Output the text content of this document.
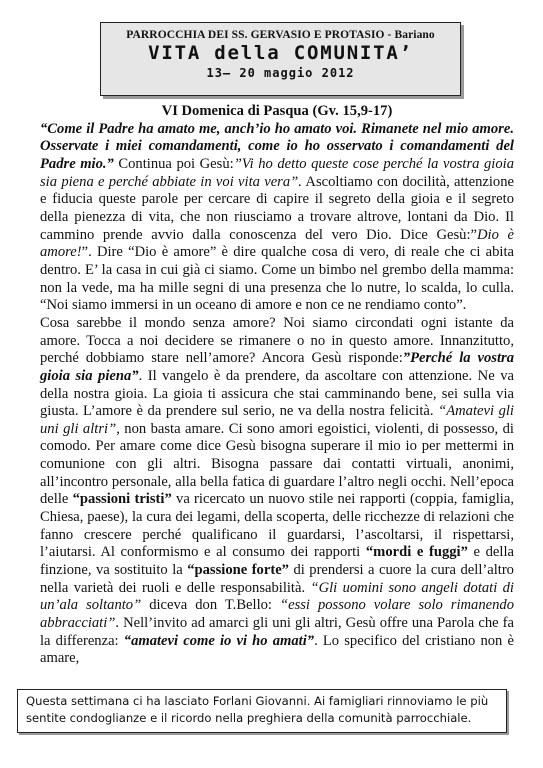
PARROCCHIA DEI SS. GERVASIO E PROTASIO - Bariano
VITA della COMUNITA’
13– 20 maggio 2012
VI Domenica di Pasqua (Gv. 15,9-17)

“Come il Padre ha amato me, anch’io ho amato voi. Rimanete nel mio amore. Osservate i miei comandamenti, come io ho osservato i comandamenti del Padre mio.” Continua poi Gesù:”Vi ho detto queste cose perché la vostra gioia sia piena e perché abbiate in voi vita vera”. Ascoltiamo con docilità, attenzione e fiducia queste parole per cercare di capire il segreto della gioia e il segreto della pienezza di vita, che non riusciamo a trovare altrove, lontani da Dio. Il cammino prende avvio dalla conoscenza del vero Dio. Dice Gesù:”Dio è amore!”. Dire “Dio è amore” è dire qualche cosa di vero, di reale che ci abita dentro. E’ la casa in cui già ci siamo. Come un bimbo nel grembo della mamma: non la vede, ma ha mille segni di una presenza che lo nutre, lo scalda, lo culla. “Noi siamo immersi in un oceano di amore e non ce ne rendiamo conto”.

Cosa sarebbe il mondo senza amore? Noi siamo circondati ogni istante da amore. Tocca a noi decidere se rimanere o no in questo amore. Innanzitutto, perché dobbiamo stare nell’amore? Ancora Gesù risponde:”Perché la vostra gioia sia piena”. Il vangelo è da prendere, da ascoltare con attenzione. Ne va della nostra gioia. La gioia ti assicura che stai camminando bene, sei sulla via giusta. L’amore è da prendere sul serio, ne va della nostra felicità. “Amatevi gli uni gli altri”, non basta amare. Ci sono amori egoistici, violenti, di possesso, di comodo. Per amare come dice Gesù bisogna superare il mio io per mettermi in comunione con gli altri. Bisogna passare dai contatti virtuali, anonimi, all’incontro personale, alla bella fatica di guardare l’altro negli occhi. Nell’epoca delle “passioni tristi” va ricercato un nuovo stile nei rapporti (coppia, famiglia, Chiesa, paese), la cura dei legami, della scoperta, delle ricchezze di relazioni che fanno crescere perché qualificano il guardarsi, l’ascoltarsi, il rispettarsi, l’aiutarsi. Al conformismo e al consumo dei rapporti “mordi e fuggi” e della finzione, va sostituito la “passione forte” di prendersi a cuore la cura dell’altro nella varietà dei ruoli e delle responsabilità. “Gli uomini sono angeli dotati di un’ala soltanto” diceva don T.Bello: “essi possono volare solo rimanendo abbracciati”. Nell’invito ad amarci gli uni gli altri, Gesù offre una Parola che fa la differenza: “amatevi come io vi ho amati”. Lo specifico del cristiano non è amare,

Questa settimana ci ha lasciato Forlani Giovanni. Ai famigliari rinnoviamo le più sentite condoglianze e il ricordo nella preghiera della comunità parrocchiale.
